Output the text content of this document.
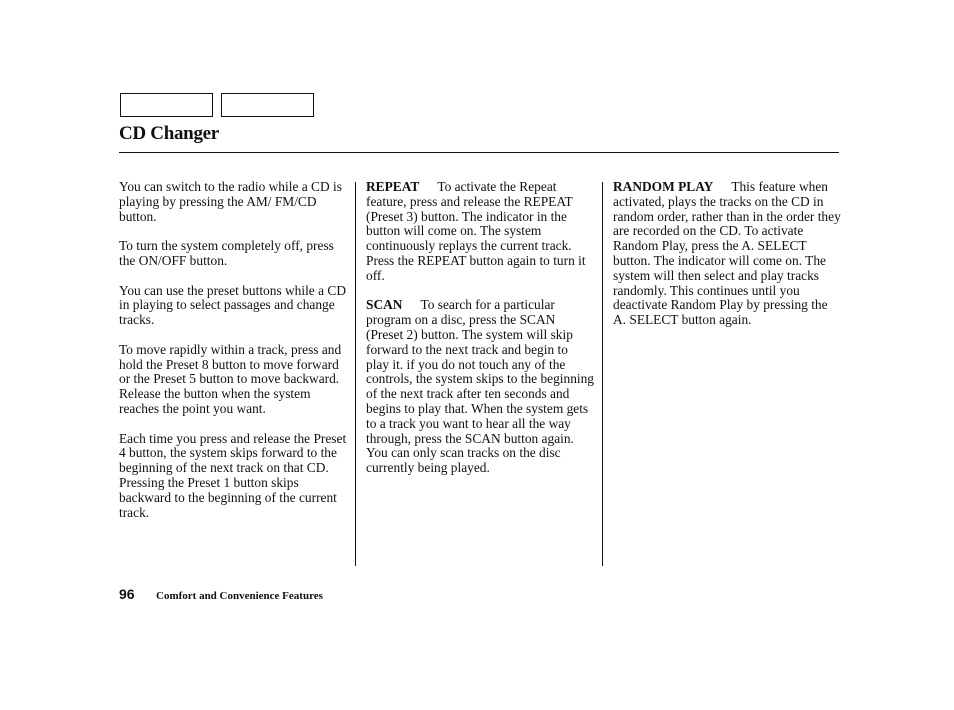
CD Changer

You can switch to the radio while a CD is playing by pressing the AM/ FM/CD button.

To turn the system completely off, press the ON/OFF button.

You can use the preset buttons while a CD in playing to select passages and change tracks.

To move rapidly within a track, press and hold the Preset 8 button to move forward or the Preset 5 button to move backward. Release the button when the system reaches the point you want.

Each time you press and release the Preset 4 button, the system skips forward to the beginning of the next track on that CD. Pressing the Preset 1 button skips backward to the beginning of the current track.

REPEAT To activate the Repeat feature, press and release the REPEAT (Preset 3) button. The indicator in the button will come on. The system continuously replays the current track. Press the REPEAT button again to turn it off.

SCAN To search for a particular program on a disc, press the SCAN (Preset 2) button. The system will skip forward to the next track and begin to play it. if you do not touch any of the controls, the system skips to the beginning of the next track after ten seconds and begins to play that. When the system gets to a track you want to hear all the way through, press the SCAN button again. You can only scan tracks on the disc currently being played.

RANDOM PLAY This feature when activated, plays the tracks on the CD in random order, rather than in the order they are recorded on the CD. To activate Random Play, press the A. SELECT button. The indicator will come on. The system will then select and play tracks randomly. This continues until you deactivate Random Play by pressing the A. SELECT button again.

96 Comfort and Convenience Features
